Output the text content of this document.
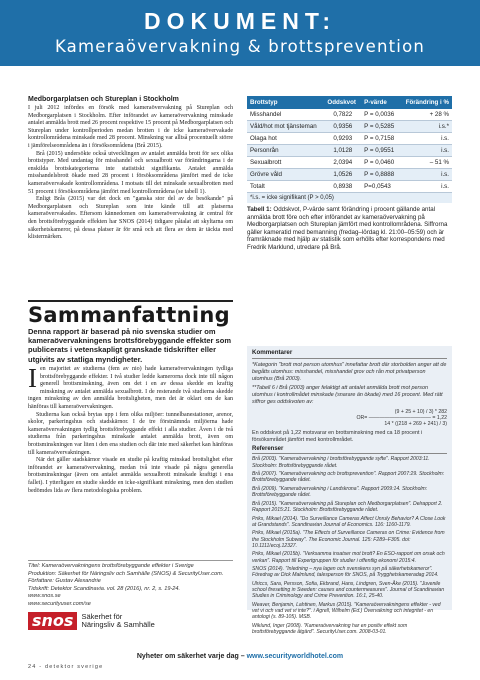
DOKUMENT:
Kameraövervakning & brottsprevention
Medborgarplatsen och Stureplan i Stockholm

I juli 2012 infördes en försök med kameraövervakning på Stureplan och Medborgarplatsen i Stockholm. Efter införandet av kameraövervakning minskade antalet anmälda brott med 26 procent respektive 15 procent på Medborgarplatsen och Stureplan under kontrollperioden medan brotten i de icke kameraövervakade kontrollområdena minskade med 28 procent. Minskning var alltså procentuellt större i jämförelseområdena än i försöksområdena (Brå 2015).

Brå (2015) undersökte också utvecklingen av antalet anmälda brott för sex olika brottstyper. Med undantag för misshandel och sexualbrott var förändringarna i de enskilda brottskategorierna inte statistiskt signifikanta. Antalet anmälda misshandelsbrott ökade med 28 procent i försöksområdena jämfört med de icke kameraövervakade kontrollområdena. I motsats till det minskade sexualbrotten med 51 procent i försöksområdena jämfört med kontrollområdena (se tabell 1).

Enligt Brås (2015) var det dock en "ganska stor del av de besökande" på Medborgarplatsen och Stureplan som inte kände till att platserna kameraövervakades. Eftersom kännedomen om kameraövervakning är central för den brottsförebyggande effekten har SNOS (2014) tidigare påtalat att skyltarna om säkerhetskameror, på dessa platser är för små och att flera av dem är täckta med klistermärken.

Sammanfattning
Denna rapport är baserad på nio svenska studier om kameraövervakningens brottsförebyggande effekter som publicerats i vetenskapligt granskade tidskrifter eller utgivits av statliga myndigheter.

Ien majoritet av studierna (fem av nio) hade kameraövervakningen tydliga brottsförebyggande effekter. I två studier ledde kamerorna dock inte till någon generell brottsminskning, även om det i en av dessa skedde en kraftig minskning av antalet anmälda sexualbrott. I de resterande två studierna skedde ingen minskning av den anmälda brottsligheten, men det är oklart om de kan hänföras till kameraövervakningen.

Studierna kan också brytas upp i fem olika miljöer: tunnelbanestationer, arenor, skolor, parkeringshus och stadskärnor. I de tre förstnämnda miljöerna hade kameraövervakningen tydlig brottsförebyggande effekt i alla studier. Även i de två studierna från parkeringshus minskade antalet anmälda brott, även om brottsminskningen var liten i den ena studien och där inte med säkerhet kan hänföras till kameraövervakningen.

När det gäller stadskärnor visade en studie på kraftig minskad brottslighet efter införandet av kameraövervakning, medan två inte visade på några generella brottsminskningar (även om antalet anmälda sexualbrott minskade kraftigt i ena fallet). I ytterligare en studie skedde en icke-signifikant minskning, men den studien bedömdes lida av flera metodologiska problem.

Titel: Kameraövervakningens brottsförebyggande effekter i Sverige
Produktion: Säkerhet för Näringsliv och Samhälle (SNOS) & SecurityUser.com.
Författare: Gustav Alexandrie
Tidskrift: Detektor Scandinavia. vol. 28 (2016), nr. 2, s. 19-24.
www.snos.se
www.securityuser.com/se
snos	Säkerhet för
Näringsliv & Samhälle
Brottstyp	Oddskvot	P-värde	Förändring i %
Misshandel	0,7822	P = 0,0036	+ 28 %
Våld/hot mot tjänsteman	0,9356	P = 0,5285	i.s.*
Olaga hot	0,9293	P = 0,7158	i.s.
Personrån	1,0128	P = 0,9551	i.s.
Sexualbrott	2,0394	P = 0,0460	– 51 %
Grövre våld	1,0526	P = 0,8888	i.s.
Totalt	0,8938	P=0,0543	i.s.
*i.s. = icke signifikant (P > 0,05)
Tabell 1: Oddskvot, P-värde samt förändring i procent gällande antal anmälda brott före och efter införandet av kameraövervakning på Medborgarplatsen och Stureplan jämfört med kontrollområdena. Siffrorna gäller kameratid med bemanning (fredag–lördag kl. 21:00–05:59) och är framräknade med hjälp av statistik som erhölls efter korrespondens med Fredrik Marklund, utredare på Brå.
Kommentarer

*Kategorin "brott mot person utomhus" innefattar brott där storbolden anger att de begåtts utomhus: misshandel, misshandel grov och rån mot privatperson utomhus (Brå 2003).

**Tabell 6 i Brå (2003) anger felaktigt att antalet anmälda brott mot person utomhus i kontrollmådet minskade (snarare än ökade) med 16 procent. Med rätt siffror ges oddskvoten av:

(9 + 25 + 10) / 3) * 282
OR= ———————————— = 1,22
14 * ((218 + 269 + 241) / 3)

En oddskvot på 1,22 motsvarar en brottsminskning med ca 18 procent i försöksmrådet jämfört med kontrollmrådet.

Referenser

Brå (2003). "Kameraövervakning i brottsförebyggande syfte". Rapport 2003:11. Stockholm: Brottsförebyggande rådet.

Brå (2007). "Kameraövervakning och brottsprevention". Rapport 2007:29. Stockholm: Brottsförebyggande rådet.

Brå (2009). "Kameraövervakning i Landskrona". Rapport 2009:14. Stockholm: Brottsförebyggande rådet.

Brå (2015). "Kameraövervakning på Stureplan och Medborgarplatsen". Delrapport 2. Rapport 2015:21. Stockholm: Brottsförebyggande rådet.

Priks, Mikael (2014). "Do Surveillance Cameras Affect Unruly Behavior? A Close Look at Grandstands". Scandinavian Journal of Economics. 116: 1160-1179.

Priks, Mikael (2015a). "The Effects of Surveillance Cameras on Crime: Evidence from the Stockholm Subway". The Economic Journal. 125: F289–F305. doi: 10.1111/ecoj.12327.

Priks, Mikael (2015b). "Verksamma insatser mot brott? En ESO-rapport om orsak och verkan". Rapport till Expertgruppen för studier i offentlig ekonomi 2015:4.

SNOS (2014). "Inledning – nya lagen och svenskens syn på säkerhetskameror". Föredrag av Dick Malmlund, talesperson för SNOS, på Trygghetskameradag 2014.

Ulriccs, Sara, Persson, Sofia, Ekbrand, Hans, Lindgren, Sven-Åke (2015). "Juvenile school firesetting in Sweden: causes and countermeasures". Journal of Scandinavian Studies in Criminology and Crime Prevention. 16:1, 25-40.

Weaver, Benjamin, Lahtinen, Markus (2015). "Kameraövervakningens effekter - ved vet vi och vad vet vi inte?". i Agrell, Wilhelm (Ed.) Övervakning och integritet - en antologi (s. 89-105). MSB.

Wiklund, Inger (2008). "Kameraövervakning har en positiv effekt som brottsförebyggande åtgärd". SecurityUser.com. 2008-03-01.

Nyheter om säkerhet varje dag – www.securityworldhotel.com
24 - detektor sverige
